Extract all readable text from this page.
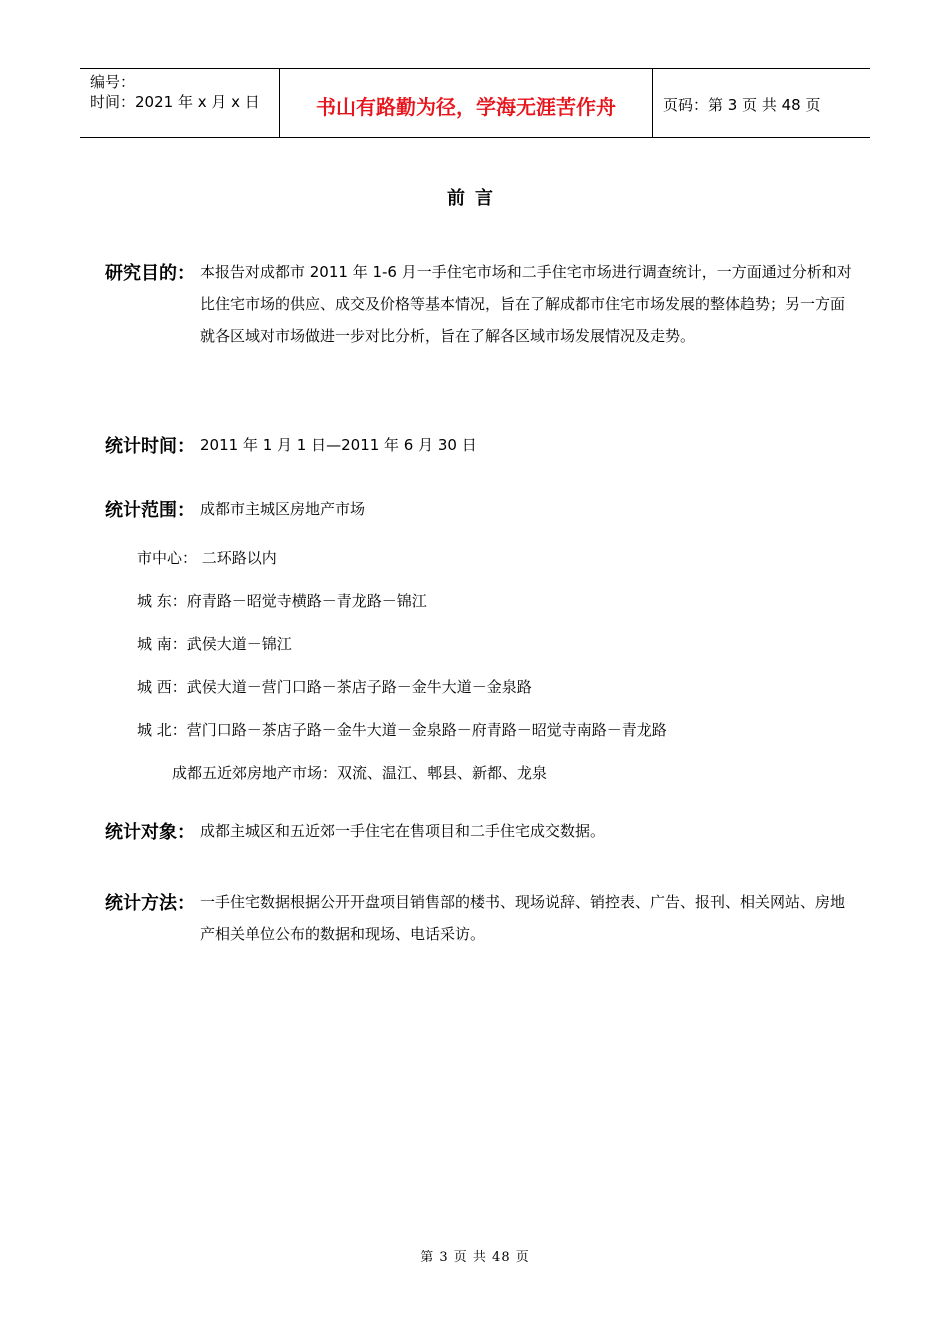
编号：
时间：2021 年 x 月 x 日	书山有路勤为径，学海无涯苦作舟	页码：第 3 页 共 48 页
前言
研究目的： 本报告对成都市 2011 年 1-6 月一手住宅市场和二手住宅市场进行调查统计，一方面通过分析和对比住宅市场的供应、成交及价格等基本情况，旨在了解成都市住宅市场发展的整体趋势；另一方面就各区域对市场做进一步对比分析，旨在了解各区域市场发展情况及走势。
统计时间： 2011 年 1 月 1 日—2011 年 6 月 30 日
统计范围： 成都市主城区房地产市场
市中心： 二环路以内
城 东：府青路－昭觉寺横路－青龙路－锦江
城 南：武侯大道－锦江
城 西：武侯大道－营门口路－茶店子路－金牛大道－金泉路
城 北：营门口路－茶店子路－金牛大道－金泉路－府青路－昭觉寺南路－青龙路
成都五近郊房地产市场：双流、温江、郫县、新都、龙泉
统计对象： 成都主城区和五近郊一手住宅在售项目和二手住宅成交数据。
统计方法： 一手住宅数据根据公开开盘项目销售部的楼书、现场说辞、销控表、广告、报刊、相关网站、房地产相关单位公布的数据和现场、电话采访。
第 3 页 共 48 页
